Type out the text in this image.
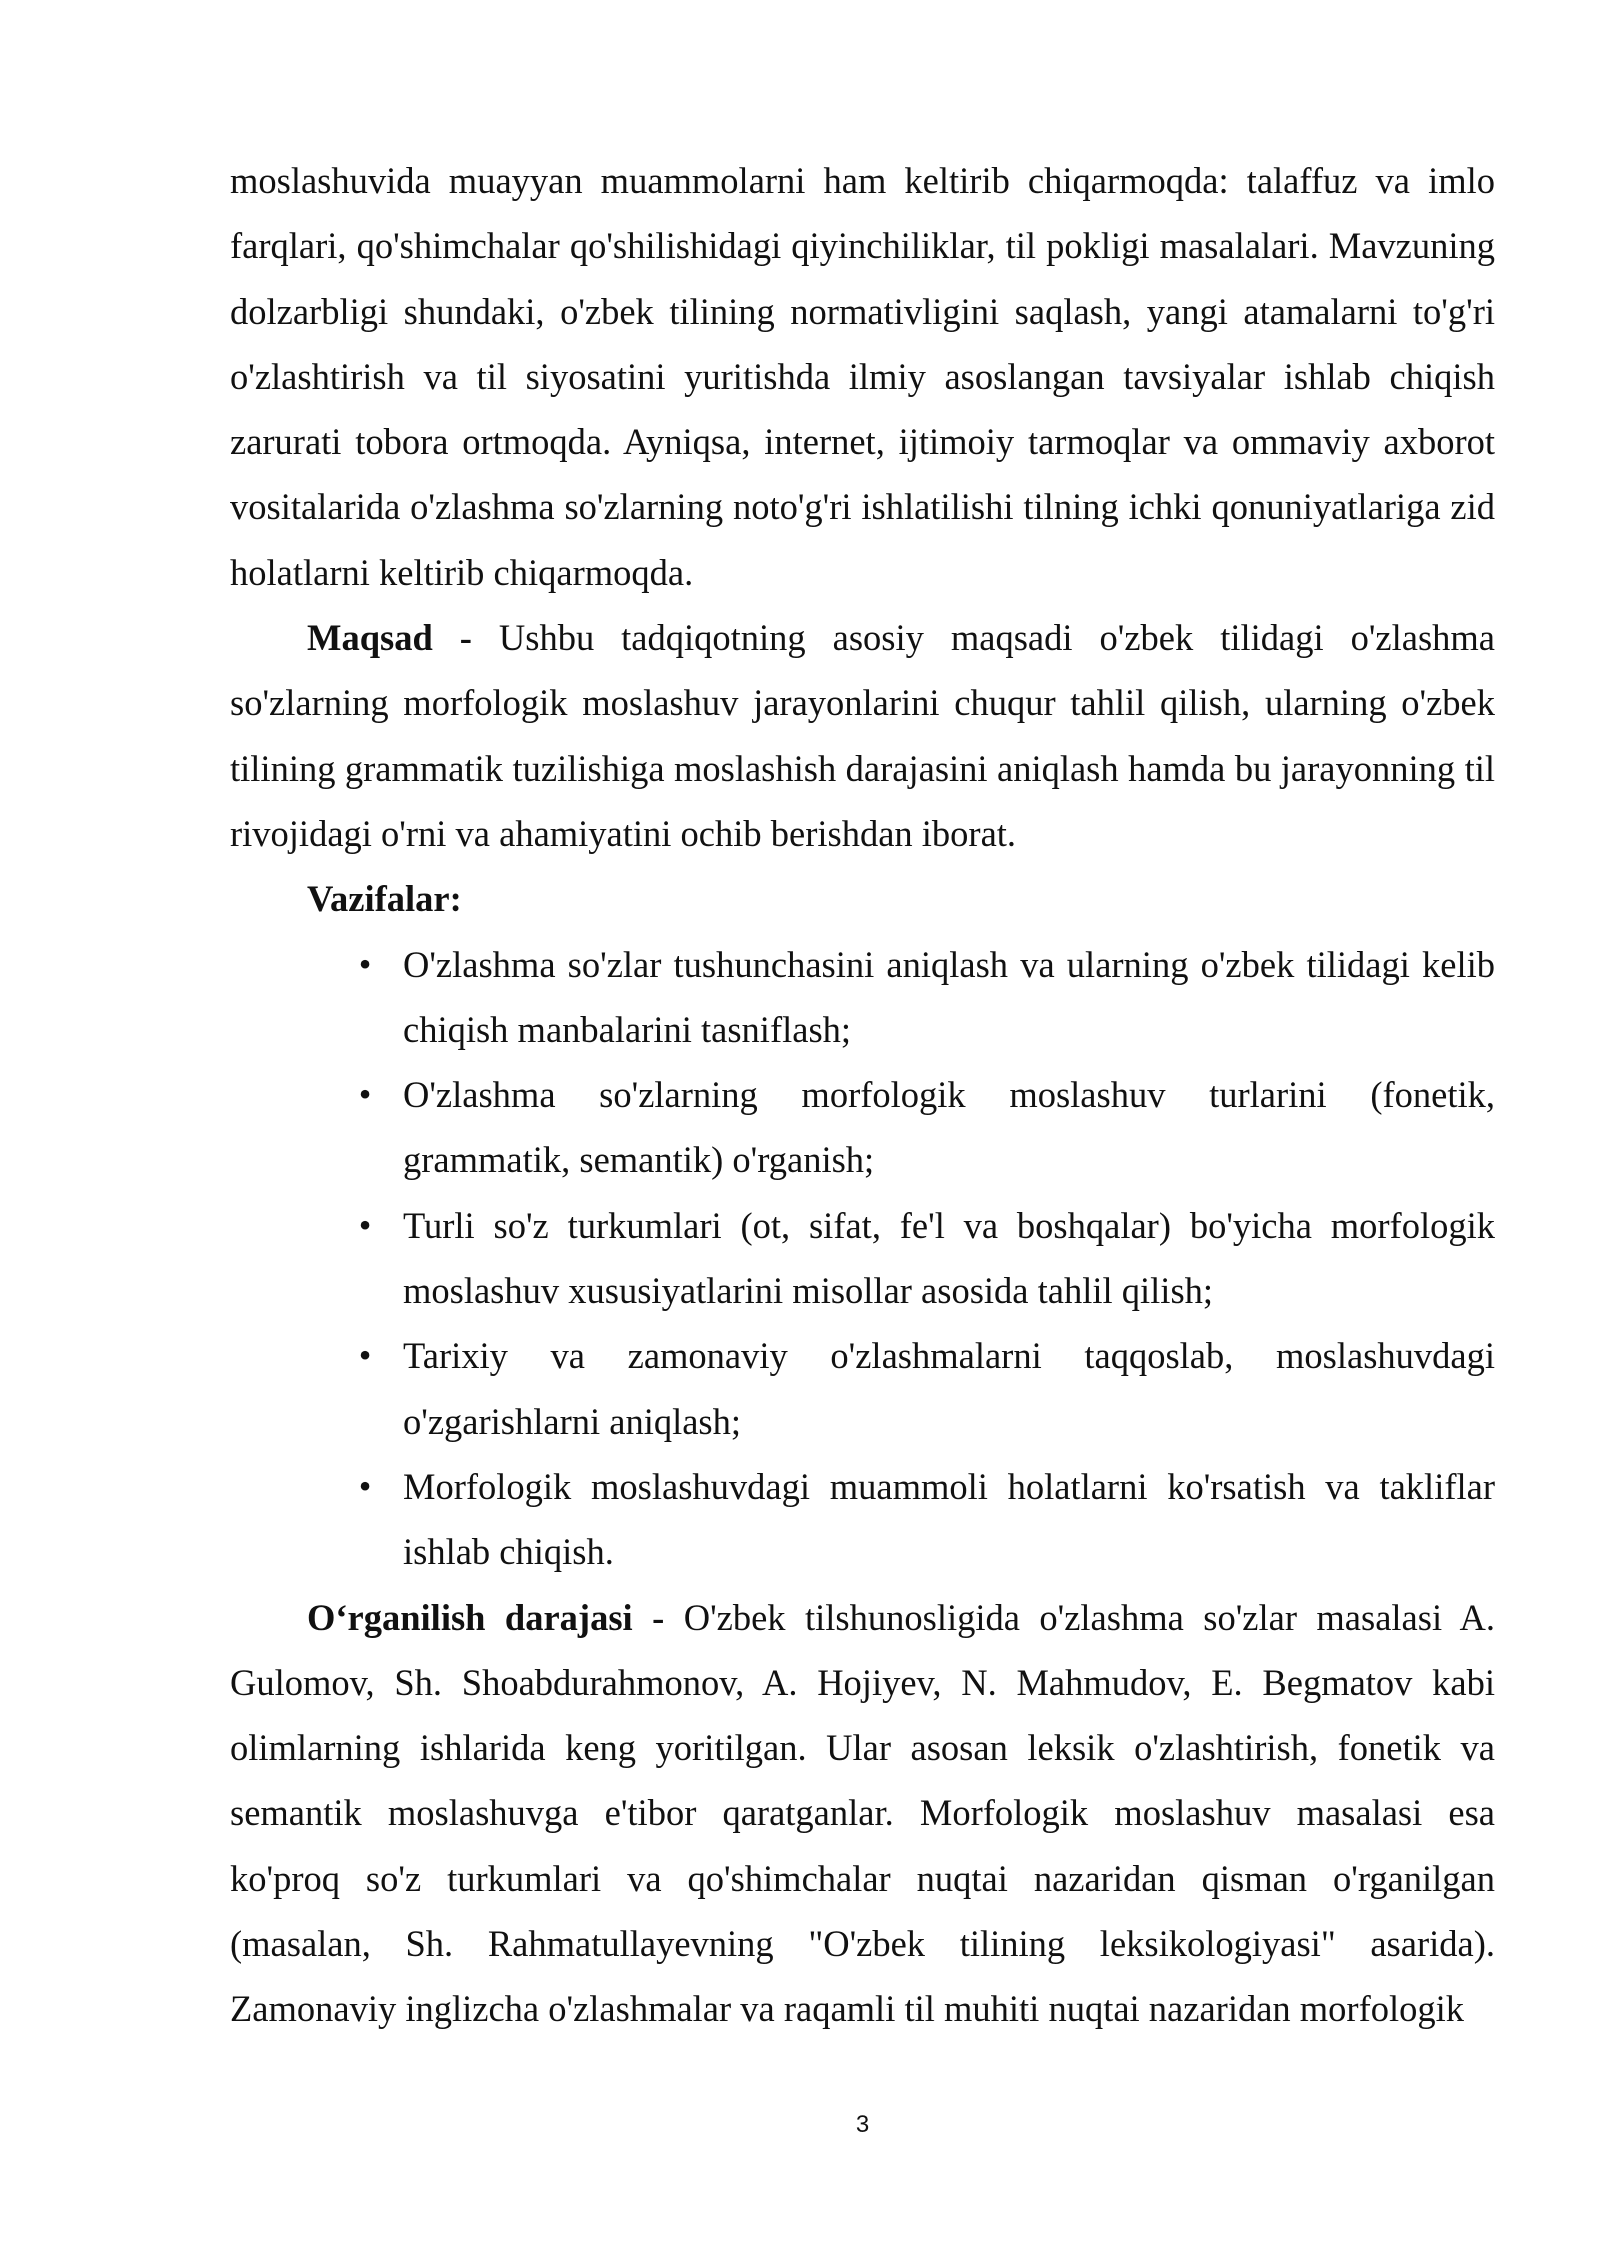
moslashuvida muayyan muammolarni ham keltirib chiqarmoqda: talaffuz va imlo farqlari, qo'shimchalar qo'shilishidagi qiyinchiliklar, til pokligi masalalari. Mavzuning dolzarbligi shundaki, o'zbek tilining normativligini saqlash, yangi atamalarni to'g'ri o'zlashtirish va til siyosatini yuritishda ilmiy asoslangan tavsiyalar ishlab chiqish zarurati tobora ortmoqda. Ayniqsa, internet, ijtimoiy tarmoqlar va ommaviy axborot vositalarida o'zlashma so'zlarning noto'g'ri ishlatilishi tilning ichki qonuniyatlariga zid holatlarni keltirib chiqarmoqda.

Maqsad - Ushbu tadqiqotning asosiy maqsadi o'zbek tilidagi o'zlashma so'zlarning morfologik moslashuv jarayonlarini chuqur tahlil qilish, ularning o'zbek tilining grammatik tuzilishiga moslashish darajasini aniqlash hamda bu jarayonning til rivojidagi o'rni va ahamiyatini ochib berishdan iborat.

Vazifalar:

• O'zlashma so'zlar tushunchasini aniqlash va ularning o'zbek tilidagi kelib chiqish manbalarini tasniflash;
• O'zlashma so'zlarning morfologik moslashuv turlarini (fonetik, grammatik, semantik) o'rganish;
• Turli so'z turkumlari (ot, sifat, fe'l va boshqalar) bo'yicha morfologik moslashuv xususiyatlarini misollar asosida tahlil qilish;
• Tarixiy va zamonaviy o'zlashmalarni taqqoslab, moslashuvdagi o'zgarishlarni aniqlash;
• Morfologik moslashuvdagi muammoli holatlarni ko'rsatish va takliflar ishlab chiqish.

O‘rganilish darajasi - O'zbek tilshunosligida o'zlashma so'zlar masalasi A. Gulomov, Sh. Shoabdurahmonov, A. Hojiyev, N. Mahmudov, E. Begmatov kabi olimlarning ishlarida keng yoritilgan. Ular asosan leksik o'zlashtirish, fonetik va semantik moslashuvga e'tibor qaratganlar. Morfologik moslashuv masalasi esa ko'proq so'z turkumlari va qo'shimchalar nuqtai nazaridan qisman o'rganilgan (masalan, Sh. Rahmatullayevning "O'zbek tilining leksikologiyasi" asarida). Zamonaviy inglizcha o'zlashmalar va raqamli til muhiti nuqtai nazaridan morfologik

3
